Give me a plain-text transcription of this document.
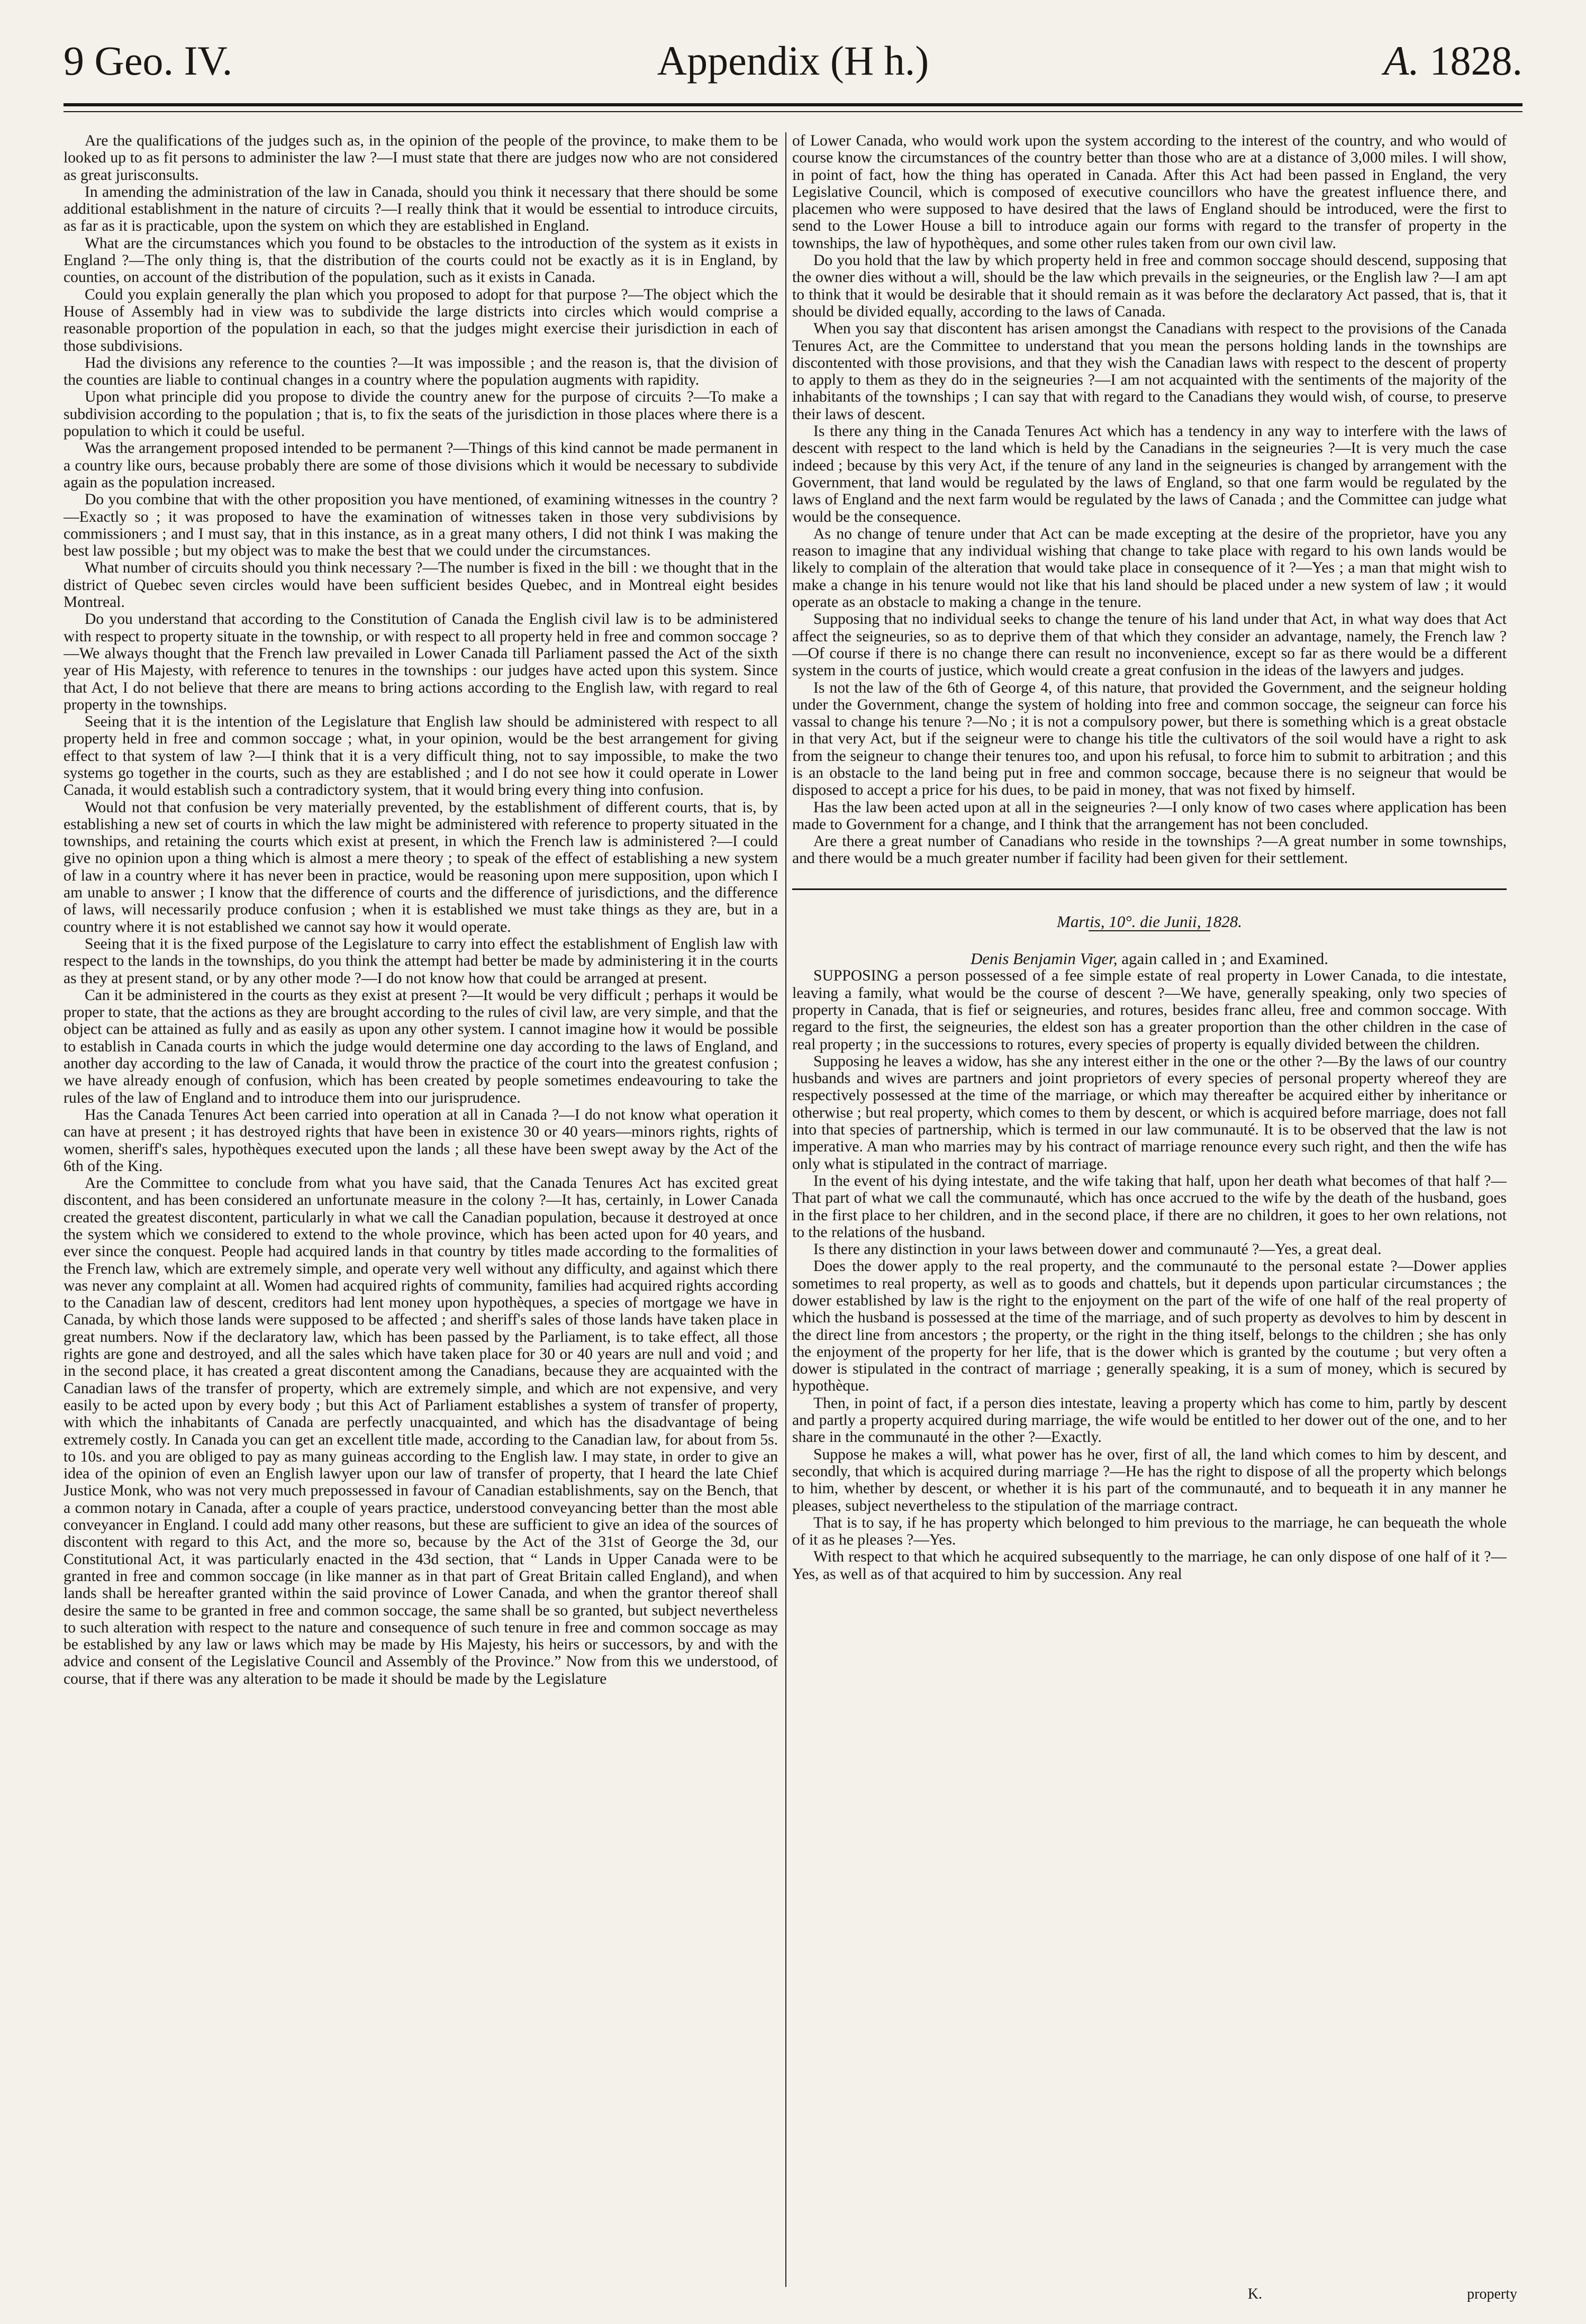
9 Geo. IV.	Appendix (H h.)	A. 1828.

Are the qualifications of the judges such as, in the opinion of the people of the province, to make them to be looked up to as fit persons to administer the law ?—I must state that there are judges now who are not considered as great jurisconsults.

In amending the administration of the law in Canada, should you think it necessary that there should be some additional establishment in the nature of circuits ?—I really think that it would be essential to introduce circuits, as far as it is practicable, upon the system on which they are established in England.

What are the circumstances which you found to be obstacles to the introduction of the system as it exists in England ?—The only thing is, that the distribution of the courts could not be exactly as it is in England, by counties, on account of the distribution of the population, such as it exists in Canada.

Could you explain generally the plan which you proposed to adopt for that purpose ?—The object which the House of Assembly had in view was to subdivide the large districts into circles which would comprise a reasonable proportion of the population in each, so that the judges might exercise their jurisdiction in each of those subdivisions.

Had the divisions any reference to the counties ?—It was impossible ; and the reason is, that the division of the counties are liable to continual changes in a country where the population augments with rapidity.

Upon what principle did you propose to divide the country anew for the purpose of circuits ?—To make a subdivision according to the population ; that is, to fix the seats of the jurisdiction in those places where there is a population to which it could be useful.

Was the arrangement proposed intended to be permanent ?—Things of this kind cannot be made permanent in a country like ours, because probably there are some of those divisions which it would be necessary to subdivide again as the population increased.

Do you combine that with the other proposition you have mentioned, of examining witnesses in the country ?—Exactly so ; it was proposed to have the examination of witnesses taken in those very subdivisions by commissioners ; and I must say, that in this instance, as in a great many others, I did not think I was making the best law possible ; but my object was to make the best that we could under the circumstances.

What number of circuits should you think necessary ?—The number is fixed in the bill : we thought that in the district of Quebec seven circles would have been sufficient besides Quebec, and in Montreal eight besides Montreal.

Do you understand that according to the Constitution of Canada the English civil law is to be administered with respect to property situate in the township, or with respect to all property held in free and common soccage ?—We always thought that the French law prevailed in Lower Canada till Parliament passed the Act of the sixth year of His Majesty, with reference to tenures in the townships : our judges have acted upon this system. Since that Act, I do not believe that there are means to bring actions according to the English law, with regard to real property in the townships.

Seeing that it is the intention of the Legislature that English law should be administered with respect to all property held in free and common soccage ; what, in your opinion, would be the best arrangement for giving effect to that system of law ?—I think that it is a very difficult thing, not to say impossible, to make the two systems go together in the courts, such as they are established ; and I do not see how it could operate in Lower Canada, it would establish such a contradictory system, that it would bring every thing into confusion.

Would not that confusion be very materially prevented, by the establishment of different courts, that is, by establishing a new set of courts in which the law might be administered with reference to property situated in the townships, and retaining the courts which exist at present, in which the French law is administered ?—I could give no opinion upon a thing which is almost a mere theory ; to speak of the effect of establishing a new system of law in a country where it has never been in practice, would be reasoning upon mere supposition, upon which I am unable to answer ; I know that the difference of courts and the difference of jurisdictions, and the difference of laws, will necessarily produce confusion ; when it is established we must take things as they are, but in a country where it is not established we cannot say how it would operate.

Seeing that it is the fixed purpose of the Legislature to carry into effect the establishment of English law with respect to the lands in the townships, do you think the attempt had better be made by administering it in the courts as they at present stand, or by any other mode ?—I do not know how that could be arranged at present.

Can it be administered in the courts as they exist at present ?—It would be very difficult ; perhaps it would be proper to state, that the actions as they are brought according to the rules of civil law, are very simple, and that the object can be attained as fully and as easily as upon any other system. I cannot imagine how it would be possible to establish in Canada courts in which the judge would determine one day according to the laws of England, and another day according to the law of Canada, it would throw the practice of the court into the greatest confusion ; we have already enough of confusion, which has been created by people sometimes endeavouring to take the rules of the law of England and to introduce them into our jurisprudence.

Has the Canada Tenures Act been carried into operation at all in Canada ?—I do not know what operation it can have at present ; it has destroyed rights that have been in existence 30 or 40 years—minors rights, rights of women, sheriff's sales, hypothèques executed upon the lands ; all these have been swept away by the Act of the 6th of the King.

Are the Committee to conclude from what you have said, that the Canada Tenures Act has excited great discontent, and has been considered an unfortunate measure in the colony ?—It has, certainly, in Lower Canada created the greatest discontent, particularly in what we call the Canadian population, because it destroyed at once the system which we considered to extend to the whole province, which has been acted upon for 40 years, and ever since the conquest. People had acquired lands in that country by titles made according to the formalities of the French law, which are extremely simple, and operate very well without any difficulty, and against which there was never any complaint at all. Women had acquired rights of community, families had acquired rights according to the Canadian law of descent, creditors had lent money upon hypothèques, a species of mortgage we have in Canada, by which those lands were supposed to be affected ; and sheriff's sales of those lands have taken place in great numbers. Now if the declaratory law, which has been passed by the Parliament, is to take effect, all those rights are gone and destroyed, and all the sales which have taken place for 30 or 40 years are null and void ; and in the second place, it has created a great discontent among the Canadians, because they are acquainted with the Canadian laws of the transfer of property, which are extremely simple, and which are not expensive, and very easily to be acted upon by every body ; but this Act of Parliament establishes a system of transfer of property, with which the inhabitants of Canada are perfectly unacquainted, and which has the disadvantage of being extremely costly. In Canada you can get an excellent title made, according to the Canadian law, for about from 5s. to 10s. and you are obliged to pay as many guineas according to the English law. I may state, in order to give an idea of the opinion of even an English lawyer upon our law of transfer of property, that I heard the late Chief Justice Monk, who was not very much prepossessed in favour of Canadian establishments, say on the Bench, that a common notary in Canada, after a couple of years practice, understood conveyancing better than the most able conveyancer in England. I could add many other reasons, but these are sufficient to give an idea of the sources of discontent with regard to this Act, and the more so, because by the Act of the 31st of George the 3d, our Constitutional Act, it was particularly enacted in the 43d section, that “ Lands in Upper Canada were to be granted in free and common soccage (in like manner as in that part of Great Britain called England), and when lands shall be hereafter granted within the said province of Lower Canada, and when the grantor thereof shall desire the same to be granted in free and common soccage, the same shall be so granted, but subject nevertheless to such alteration with respect to the nature and consequence of such tenure in free and common soccage as may be established by any law or laws which may be made by His Majesty, his heirs or successors, by and with the advice and consent of the Legislative Council and Assembly of the Province.” Now from this we understood, of course, that if there was any alteration to be made it should be made by the Legislature

of Lower Canada, who would work upon the system according to the interest of the country, and who would of course know the circumstances of the country better than those who are at a distance of 3,000 miles. I will show, in point of fact, how the thing has operated in Canada. After this Act had been passed in England, the very Legislative Council, which is composed of executive councillors who have the greatest influence there, and placemen who were supposed to have desired that the laws of England should be introduced, were the first to send to the Lower House a bill to introduce again our forms with regard to the transfer of property in the townships, the law of hypothèques, and some other rules taken from our own civil law.

Do you hold that the law by which property held in free and common soccage should descend, supposing that the owner dies without a will, should be the law which prevails in the seigneuries, or the English law ?—I am apt to think that it would be desirable that it should remain as it was before the declaratory Act passed, that is, that it should be divided equally, according to the laws of Canada.

When you say that discontent has arisen amongst the Canadians with respect to the provisions of the Canada Tenures Act, are the Committee to understand that you mean the persons holding lands in the townships are discontented with those provisions, and that they wish the Canadian laws with respect to the descent of property to apply to them as they do in the seigneuries ?—I am not acquainted with the sentiments of the majority of the inhabitants of the townships ; I can say that with regard to the Canadians they would wish, of course, to preserve their laws of descent.

Is there any thing in the Canada Tenures Act which has a tendency in any way to interfere with the laws of descent with respect to the land which is held by the Canadians in the seigneuries ?—It is very much the case indeed ; because by this very Act, if the tenure of any land in the seigneuries is changed by arrangement with the Government, that land would be regulated by the laws of England, so that one farm would be regulated by the laws of England and the next farm would be regulated by the laws of Canada ; and the Committee can judge what would be the consequence.

As no change of tenure under that Act can be made excepting at the desire of the proprietor, have you any reason to imagine that any individual wishing that change to take place with regard to his own lands would be likely to complain of the alteration that would take place in consequence of it ?—Yes ; a man that might wish to make a change in his tenure would not like that his land should be placed under a new system of law ; it would operate as an obstacle to making a change in the tenure.

Supposing that no individual seeks to change the tenure of his land under that Act, in what way does that Act affect the seigneuries, so as to deprive them of that which they consider an advantage, namely, the French law ?—Of course if there is no change there can result no inconvenience, except so far as there would be a different system in the courts of justice, which would create a great confusion in the ideas of the lawyers and judges.

Is not the law of the 6th of George 4, of this nature, that provided the Government, and the seigneur holding under the Government, change the system of holding into free and common soccage, the seigneur can force his vassal to change his tenure ?—No ; it is not a compulsory power, but there is something which is a great obstacle in that very Act, but if the seigneur were to change his title the cultivators of the soil would have a right to ask from the seigneur to change their tenures too, and upon his refusal, to force him to submit to arbitration ; and this is an obstacle to the land being put in free and common soccage, because there is no seigneur that would be disposed to accept a price for his dues, to be paid in money, that was not fixed by himself.

Has the law been acted upon at all in the seigneuries ?—I only know of two cases where application has been made to Government for a change, and I think that the arrangement has not been concluded.

Are there a great number of Canadians who reside in the townships ?—A great number in some townships, and there would be a much greater number if facility had been given for their settlement.

Martis, 10°. die Junii, 1828.

Denis Benjamin Viger, again called in ; and Examined.

SUPPOSING a person possessed of a fee simple estate of real property in Lower Canada, to die intestate, leaving a family, what would be the course of descent ?—We have, generally speaking, only two species of property in Canada, that is fief or seigneuries, and rotures, besides franc alleu, free and common soccage. With regard to the first, the seigneuries, the eldest son has a greater proportion than the other children in the case of real property ; in the successions to rotures, every species of property is equally divided between the children.

Supposing he leaves a widow, has she any interest either in the one or the other ?—By the laws of our country husbands and wives are partners and joint proprietors of every species of personal property whereof they are respectively possessed at the time of the marriage, or which may thereafter be acquired either by inheritance or otherwise ; but real property, which comes to them by descent, or which is acquired before marriage, does not fall into that species of partnership, which is termed in our law communauté. It is to be observed that the law is not imperative. A man who marries may by his contract of marriage renounce every such right, and then the wife has only what is stipulated in the contract of marriage.

In the event of his dying intestate, and the wife taking that half, upon her death what becomes of that half ?—That part of what we call the communauté, which has once accrued to the wife by the death of the husband, goes in the first place to her children, and in the second place, if there are no children, it goes to her own relations, not to the relations of the husband.

Is there any distinction in your laws between dower and communauté ?—Yes, a great deal.

Does the dower apply to the real property, and the communauté to the personal estate ?—Dower applies sometimes to real property, as well as to goods and chattels, but it depends upon particular circumstances ; the dower established by law is the right to the enjoyment on the part of the wife of one half of the real property of which the husband is possessed at the time of the marriage, and of such property as devolves to him by descent in the direct line from ancestors ; the property, or the right in the thing itself, belongs to the children ; she has only the enjoyment of the property for her life, that is the dower which is granted by the coutume ; but very often a dower is stipulated in the contract of marriage ; generally speaking, it is a sum of money, which is secured by hypothèque.

Then, in point of fact, if a person dies intestate, leaving a property which has come to him, partly by descent and partly a property acquired during marriage, the wife would be entitled to her dower out of the one, and to her share in the communauté in the other ?—Exactly.

Suppose he makes a will, what power has he over, first of all, the land which comes to him by descent, and secondly, that which is acquired during marriage ?—He has the right to dispose of all the property which belongs to him, whether by descent, or whether it is his part of the communauté, and to bequeath it in any manner he pleases, subject nevertheless to the stipulation of the marriage contract.

That is to say, if he has property which belonged to him previous to the marriage, he can bequeath the whole of it as he pleases ?—Yes.

With respect to that which he acquired subsequently to the marriage, he can only dispose of one half of it ?—Yes, as well as of that acquired to him by succession. Any real

K.	property
